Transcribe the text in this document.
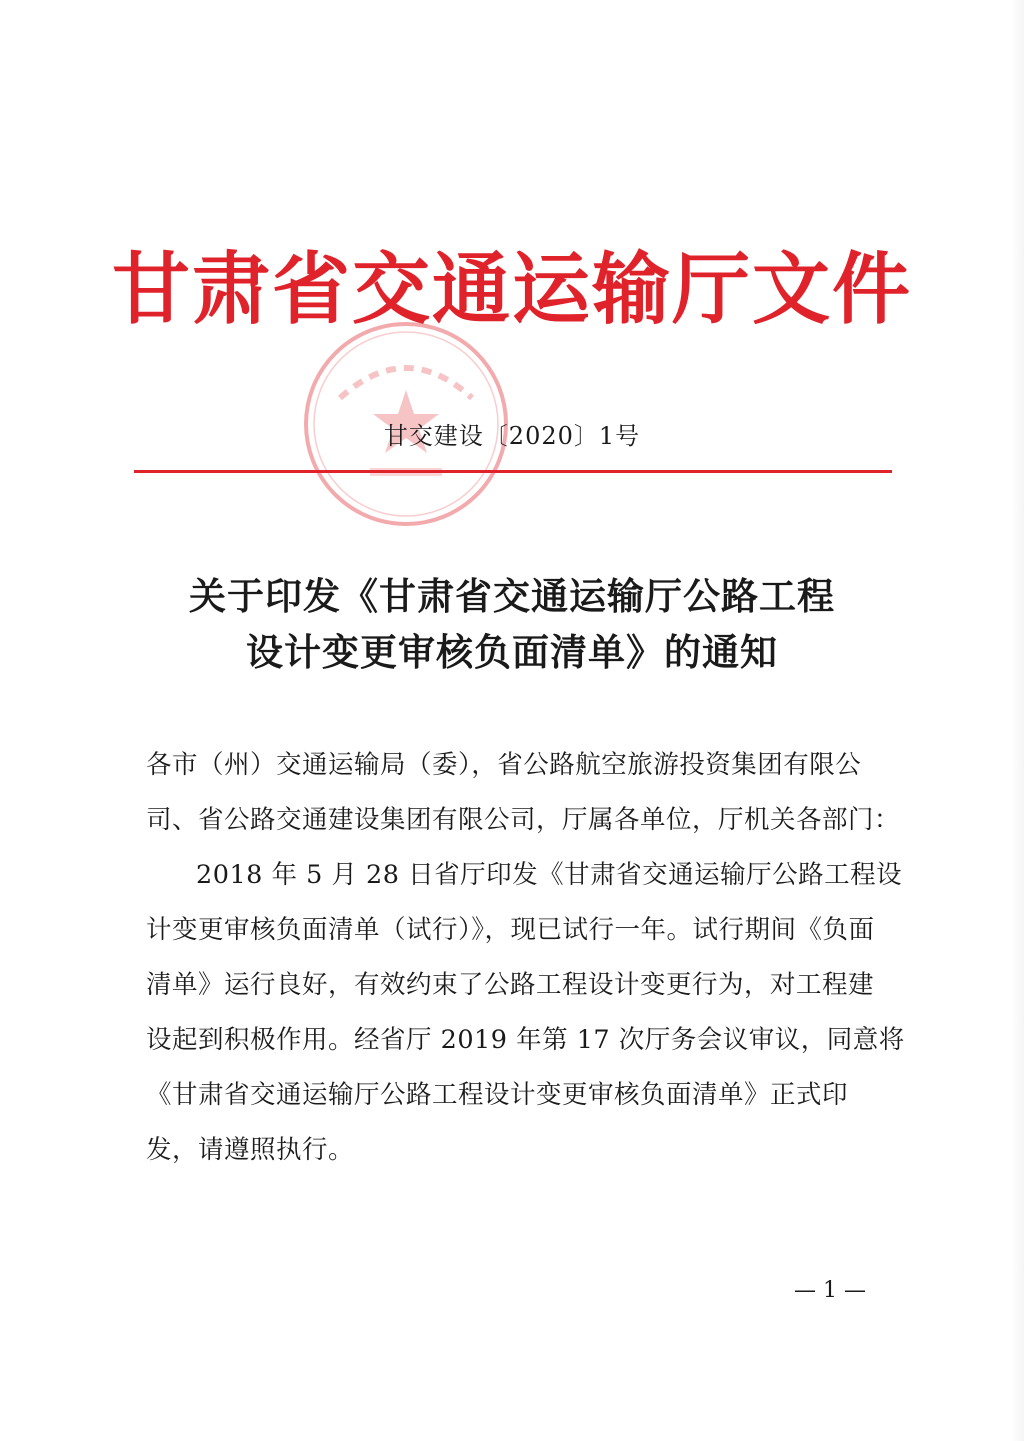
甘肃省交通运输厅文件
甘交建设〔2020〕1号
关于印发《甘肃省交通运输厅公路工程
设计变更审核负面清单》的通知
各市（州）交通运输局（委），省公路航空旅游投资集团有限公
司、省公路交通建设集团有限公司，厅属各单位，厅机关各部门：
2018 年 5 月 28 日省厅印发《甘肃省交通运输厅公路工程设
计变更审核负面清单（试行）》，现已试行一年。试行期间《负面
清单》运行良好，有效约束了公路工程设计变更行为，对工程建
设起到积极作用。经省厅 2019 年第 17 次厅务会议审议，同意将
《甘肃省交通运输厅公路工程设计变更审核负面清单》正式印
发，请遵照执行。
— 1 —
